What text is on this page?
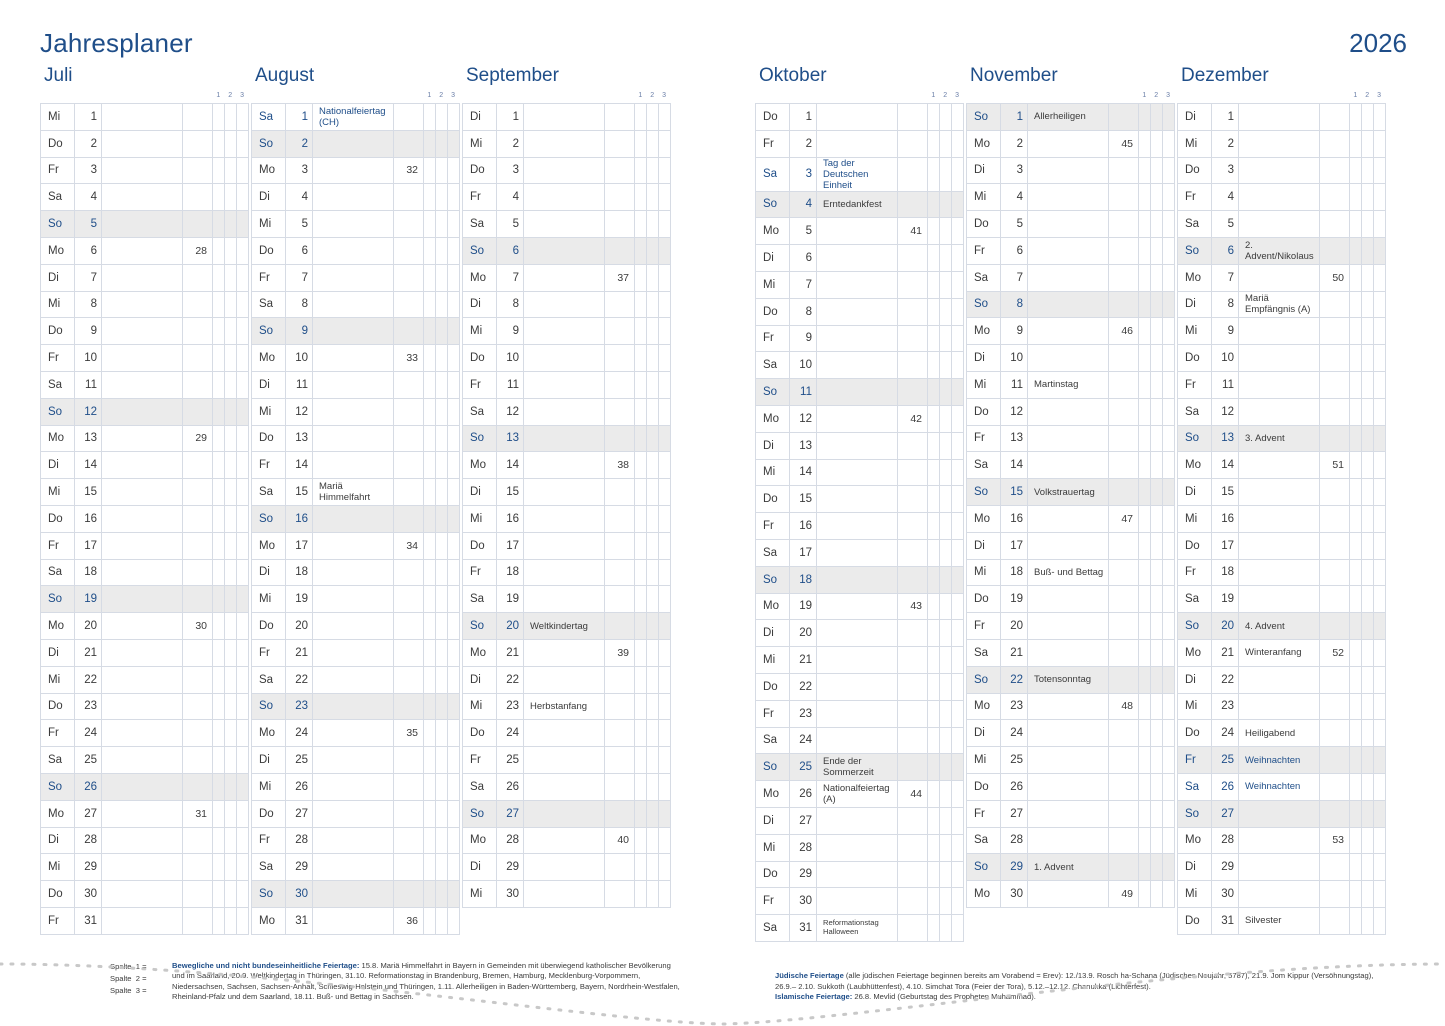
Jahresplaner	2026
Juli
1 2 3
Mi	1					
Do	2					
Fr	3					
Sa	4					
So	5					
Mo	6		28			
Di	7					
Mi	8					
Do	9					
Fr	10					
Sa	11					
So	12					
Mo	13		29			
Di	14					
Mi	15					
Do	16					
Fr	17					
Sa	18					
So	19					
Mo	20		30			
Di	21					
Mi	22					
Do	23					
Fr	24					
Sa	25					
So	26					
Mo	27		31			
Di	28					
Mi	29					
Do	30					
Fr	31					
August
1 2 3
Sa	1	Nationalfeiertag (CH)				
So	2					
Mo	3		32			
Di	4					
Mi	5					
Do	6					
Fr	7					
Sa	8					
So	9					
Mo	10		33			
Di	11					
Mi	12					
Do	13					
Fr	14					
Sa	15	Mariä Himmelfahrt				
So	16					
Mo	17		34			
Di	18					
Mi	19					
Do	20					
Fr	21					
Sa	22					
So	23					
Mo	24		35			
Di	25					
Mi	26					
Do	27					
Fr	28					
Sa	29					
So	30					
Mo	31		36			
September
1 2 3
Di	1					
Mi	2					
Do	3					
Fr	4					
Sa	5					
So	6					
Mo	7		37			
Di	8					
Mi	9					
Do	10					
Fr	11					
Sa	12					
So	13					
Mo	14		38			
Di	15					
Mi	16					
Do	17					
Fr	18					
Sa	19					
So	20	Weltkindertag				
Mo	21		39			
Di	22					
Mi	23	Herbstanfang				
Do	24					
Fr	25					
Sa	26					
So	27					
Mo	28		40			
Di	29					
Mi	30					
Oktober
1 2 3
Do	1					
Fr	2					
Sa	3	Tag der Deutschen Einheit				
So	4	Erntedankfest				
Mo	5		41			
Di	6					
Mi	7					
Do	8					
Fr	9					
Sa	10					
So	11					
Mo	12		42			
Di	13					
Mi	14					
Do	15					
Fr	16					
Sa	17					
So	18					
Mo	19		43			
Di	20					
Mi	21					
Do	22					
Fr	23					
Sa	24					
So	25	Ende der Sommerzeit				
Mo	26	Nationalfeiertag (A)	44			
Di	27					
Mi	28					
Do	29					
Fr	30					
Sa	31	Reformationstag
Halloween				
November
1 2 3
So	1	Allerheiligen				
Mo	2		45			
Di	3					
Mi	4					
Do	5					
Fr	6					
Sa	7					
So	8					
Mo	9		46			
Di	10					
Mi	11	Martinstag				
Do	12					
Fr	13					
Sa	14					
So	15	Volkstrauertag				
Mo	16		47			
Di	17					
Mi	18	Buß- und Bettag				
Do	19					
Fr	20					
Sa	21					
So	22	Totensonntag				
Mo	23		48			
Di	24					
Mi	25					
Do	26					
Fr	27					
Sa	28					
So	29	1. Advent				
Mo	30		49			
Dezember
1 2 3
Di	1					
Mi	2					
Do	3					
Fr	4					
Sa	5					
So	6	2. Advent/Nikolaus				
Mo	7		50			
Di	8	Mariä Empfängnis (A)				
Mi	9					
Do	10					
Fr	11					
Sa	12					
So	13	3. Advent				
Mo	14		51			
Di	15					
Mi	16					
Do	17					
Fr	18					
Sa	19					
So	20	4. Advent				
Mo	21	Winteranfang	52			
Di	22					
Mi	23					
Do	24	Heiligabend				
Fr	25	Weihnachten				
Sa	26	Weihnachten				
So	27					
Mo	28		53			
Di	29					
Mi	30					
Do	31	Silvester				
Spalte  1 =
Spalte  2 =
Spalte  3 =
Bewegliche und nicht bundeseinheitliche Feiertage: 15.8. Mariä Himmelfahrt in Bayern in Gemeinden mit überwiegend katholischer Bevölkerung und im Saarland, 20.9. Weltkindertag in Thüringen, 31.10. Reformationstag in Brandenburg, Bremen, Hamburg, Mecklenburg-Vorpommern, Niedersachsen, Sachsen, Sachsen-Anhalt, Schleswig-Holstein und Thüringen, 1.11. Allerheiligen in Baden-Württemberg, Bayern, Nordrhein-Westfalen, Rheinland-Pfalz und dem Saarland, 18.11. Buß- und Bettag in Sachsen.
Jüdische Feiertage (alle jüdischen Feiertage beginnen bereits am Vorabend = Erev): 12./13.9. Rosch ha-Schana (Jüdisches Neujahr, 5787), 21.9. Jom Kippur (Versöhnungstag), 26.9.– 2.10. Sukkoth (Laubhüttenfest), 4.10. Simchat Tora (Feier der Tora), 5.12.–12.12. Chanukka (Lichterfest).
Islamische Feiertage: 26.8. Mevlid (Geburtstag des Propheten Muhammad).
